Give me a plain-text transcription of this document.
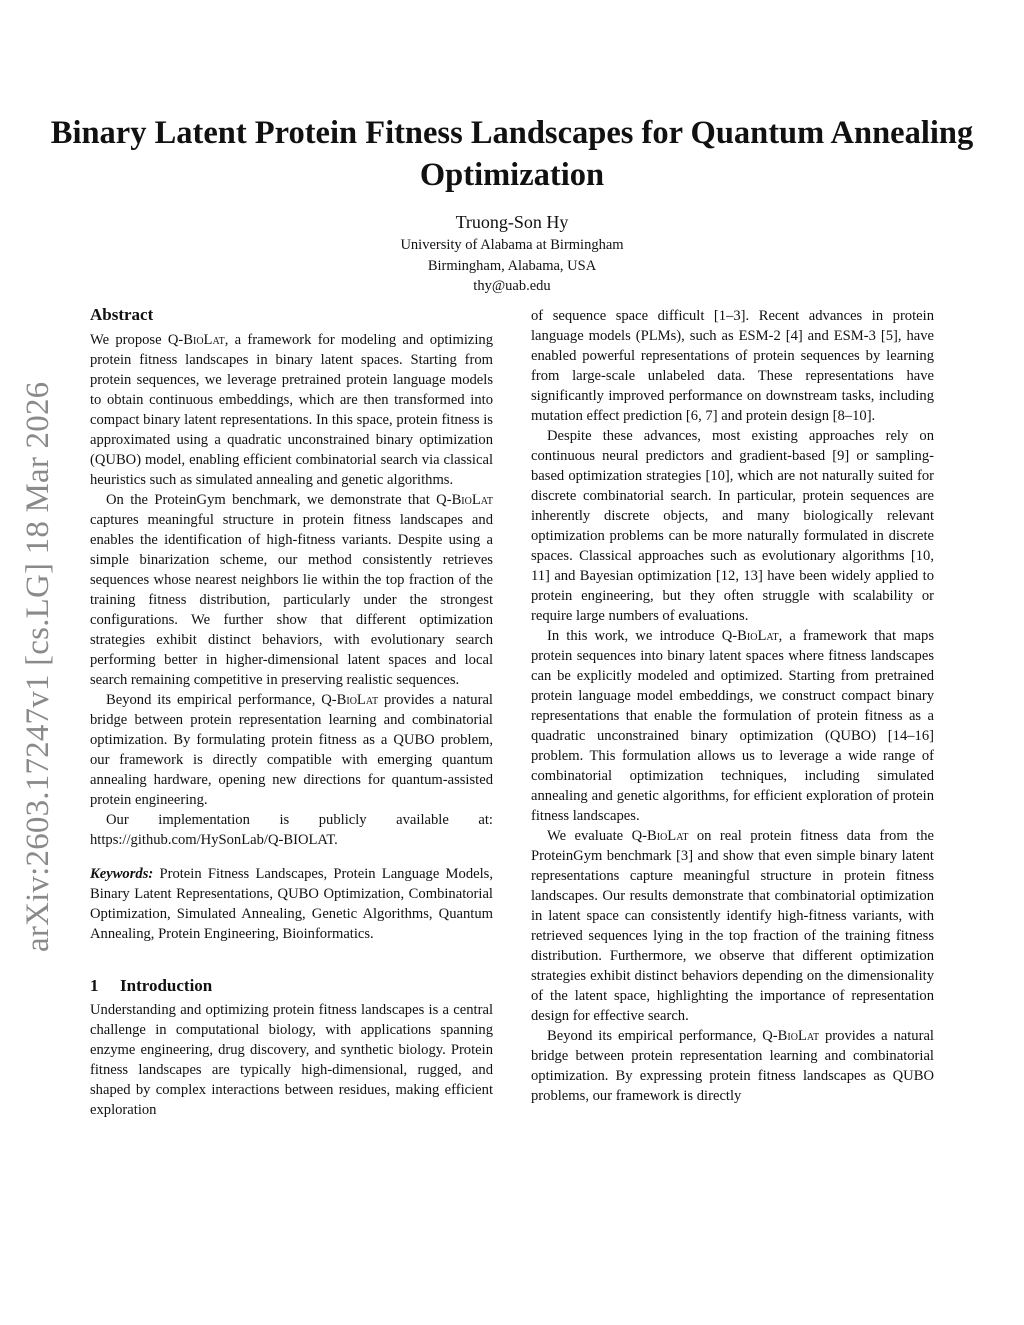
arXiv:2603.17247v1 [cs.LG] 18 Mar 2026
Binary Latent Protein Fitness Landscapes for Quantum Annealing Optimization
Truong-Son Hy
University of Alabama at Birmingham
Birmingham, Alabama, USA
thy@uab.edu
Abstract

We propose Q-BioLat, a framework for modeling and optimizing protein fitness landscapes in binary latent spaces. Starting from protein sequences, we leverage pretrained protein language models to obtain continuous embeddings, which are then transformed into compact binary latent representations. In this space, protein fitness is approximated using a quadratic unconstrained binary optimization (QUBO) model, enabling efficient combinatorial search via classical heuristics such as simulated annealing and genetic algorithms.

On the ProteinGym benchmark, we demonstrate that Q-BioLat captures meaningful structure in protein fitness landscapes and enables the identification of high-fitness variants. Despite using a simple binarization scheme, our method consistently retrieves sequences whose nearest neighbors lie within the top fraction of the training fitness distribution, particularly under the strongest configurations. We further show that different optimization strategies exhibit distinct behaviors, with evolutionary search performing better in higher-dimensional latent spaces and local search remaining competitive in preserving realistic sequences.

Beyond its empirical performance, Q-BioLat provides a natural bridge between protein representation learning and combinatorial optimization. By formulating protein fitness as a QUBO problem, our framework is directly compatible with emerging quantum annealing hardware, opening new directions for quantum-assisted protein engineering.

Our implementation is publicly available at: https://github.com/HySonLab/Q-BIOLAT.

Keywords: Protein Fitness Landscapes, Protein Language Models, Binary Latent Representations, QUBO Optimization, Combinatorial Optimization, Simulated Annealing, Genetic Algorithms, Quantum Annealing, Protein Engineering, Bioinformatics.

1 Introduction

Understanding and optimizing protein fitness landscapes is a central challenge in computational biology, with applications spanning enzyme engineering, drug discovery, and synthetic biology. Protein fitness landscapes are typically high-dimensional, rugged, and shaped by complex interactions between residues, making efficient exploration

of sequence space difficult [1–3]. Recent advances in protein language models (PLMs), such as ESM-2 [4] and ESM-3 [5], have enabled powerful representations of protein sequences by learning from large-scale unlabeled data. These representations have significantly improved performance on downstream tasks, including mutation effect prediction [6, 7] and protein design [8–10].

Despite these advances, most existing approaches rely on continuous neural predictors and gradient-based [9] or sampling-based optimization strategies [10], which are not naturally suited for discrete combinatorial search. In particular, protein sequences are inherently discrete objects, and many biologically relevant optimization problems can be more naturally formulated in discrete spaces. Classical approaches such as evolutionary algorithms [10, 11] and Bayesian optimization [12, 13] have been widely applied to protein engineering, but they often struggle with scalability or require large numbers of evaluations.

In this work, we introduce Q-BioLat, a framework that maps protein sequences into binary latent spaces where fitness landscapes can be explicitly modeled and optimized. Starting from pretrained protein language model embeddings, we construct compact binary representations that enable the formulation of protein fitness as a quadratic unconstrained binary optimization (QUBO) [14–16] problem. This formulation allows us to leverage a wide range of combinatorial optimization techniques, including simulated annealing and genetic algorithms, for efficient exploration of protein fitness landscapes.

We evaluate Q-BioLat on real protein fitness data from the ProteinGym benchmark [3] and show that even simple binary latent representations capture meaningful structure in protein fitness landscapes. Our results demonstrate that combinatorial optimization in latent space can consistently identify high-fitness variants, with retrieved sequences lying in the top fraction of the training fitness distribution. Furthermore, we observe that different optimization strategies exhibit distinct behaviors depending on the dimensionality of the latent space, highlighting the importance of representation design for effective search.

Beyond its empirical performance, Q-BioLat provides a natural bridge between protein representation learning and combinatorial optimization. By expressing protein fitness landscapes as QUBO problems, our framework is directly
